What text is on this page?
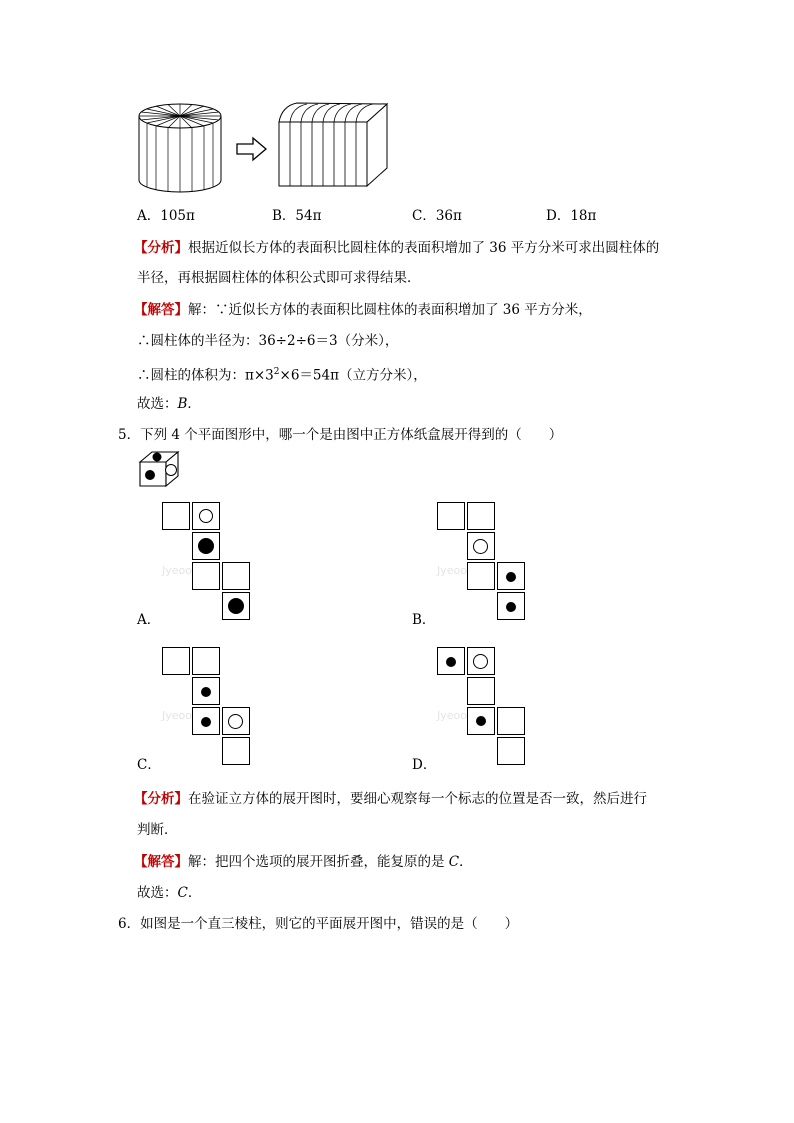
A．105π	B．54π	C．36π	D．18π
【分析】根据近似长方体的表面积比圆柱体的表面积增加了 36 平方分米可求出圆柱体的
半径，再根据圆柱体的体积公式即可求得结果．
【解答】解：∵近似长方体的表面积比圆柱体的表面积增加了 36 平方分米，
∴圆柱体的半径为：36÷2÷6＝3（分米），
∴圆柱的体积为：$\pi\times 3^2\times 6=54\pi$（立方分米），
故选：B．
5．下列 4 个平面图形中，哪一个是由图中正方体纸盒展开得到的（　　）
Jyeoo
A．
Jyeoo
B．
Jyeoo
C．
Jyeoo
D．
【分析】在验证立方体的展开图时，要细心观察每一个标志的位置是否一致，然后进行
判断．
【解答】解：把四个选项的展开图折叠，能复原的是 C．
故选：C．
6．如图是一个直三棱柱，则它的平面展开图中，错误的是（　　）
